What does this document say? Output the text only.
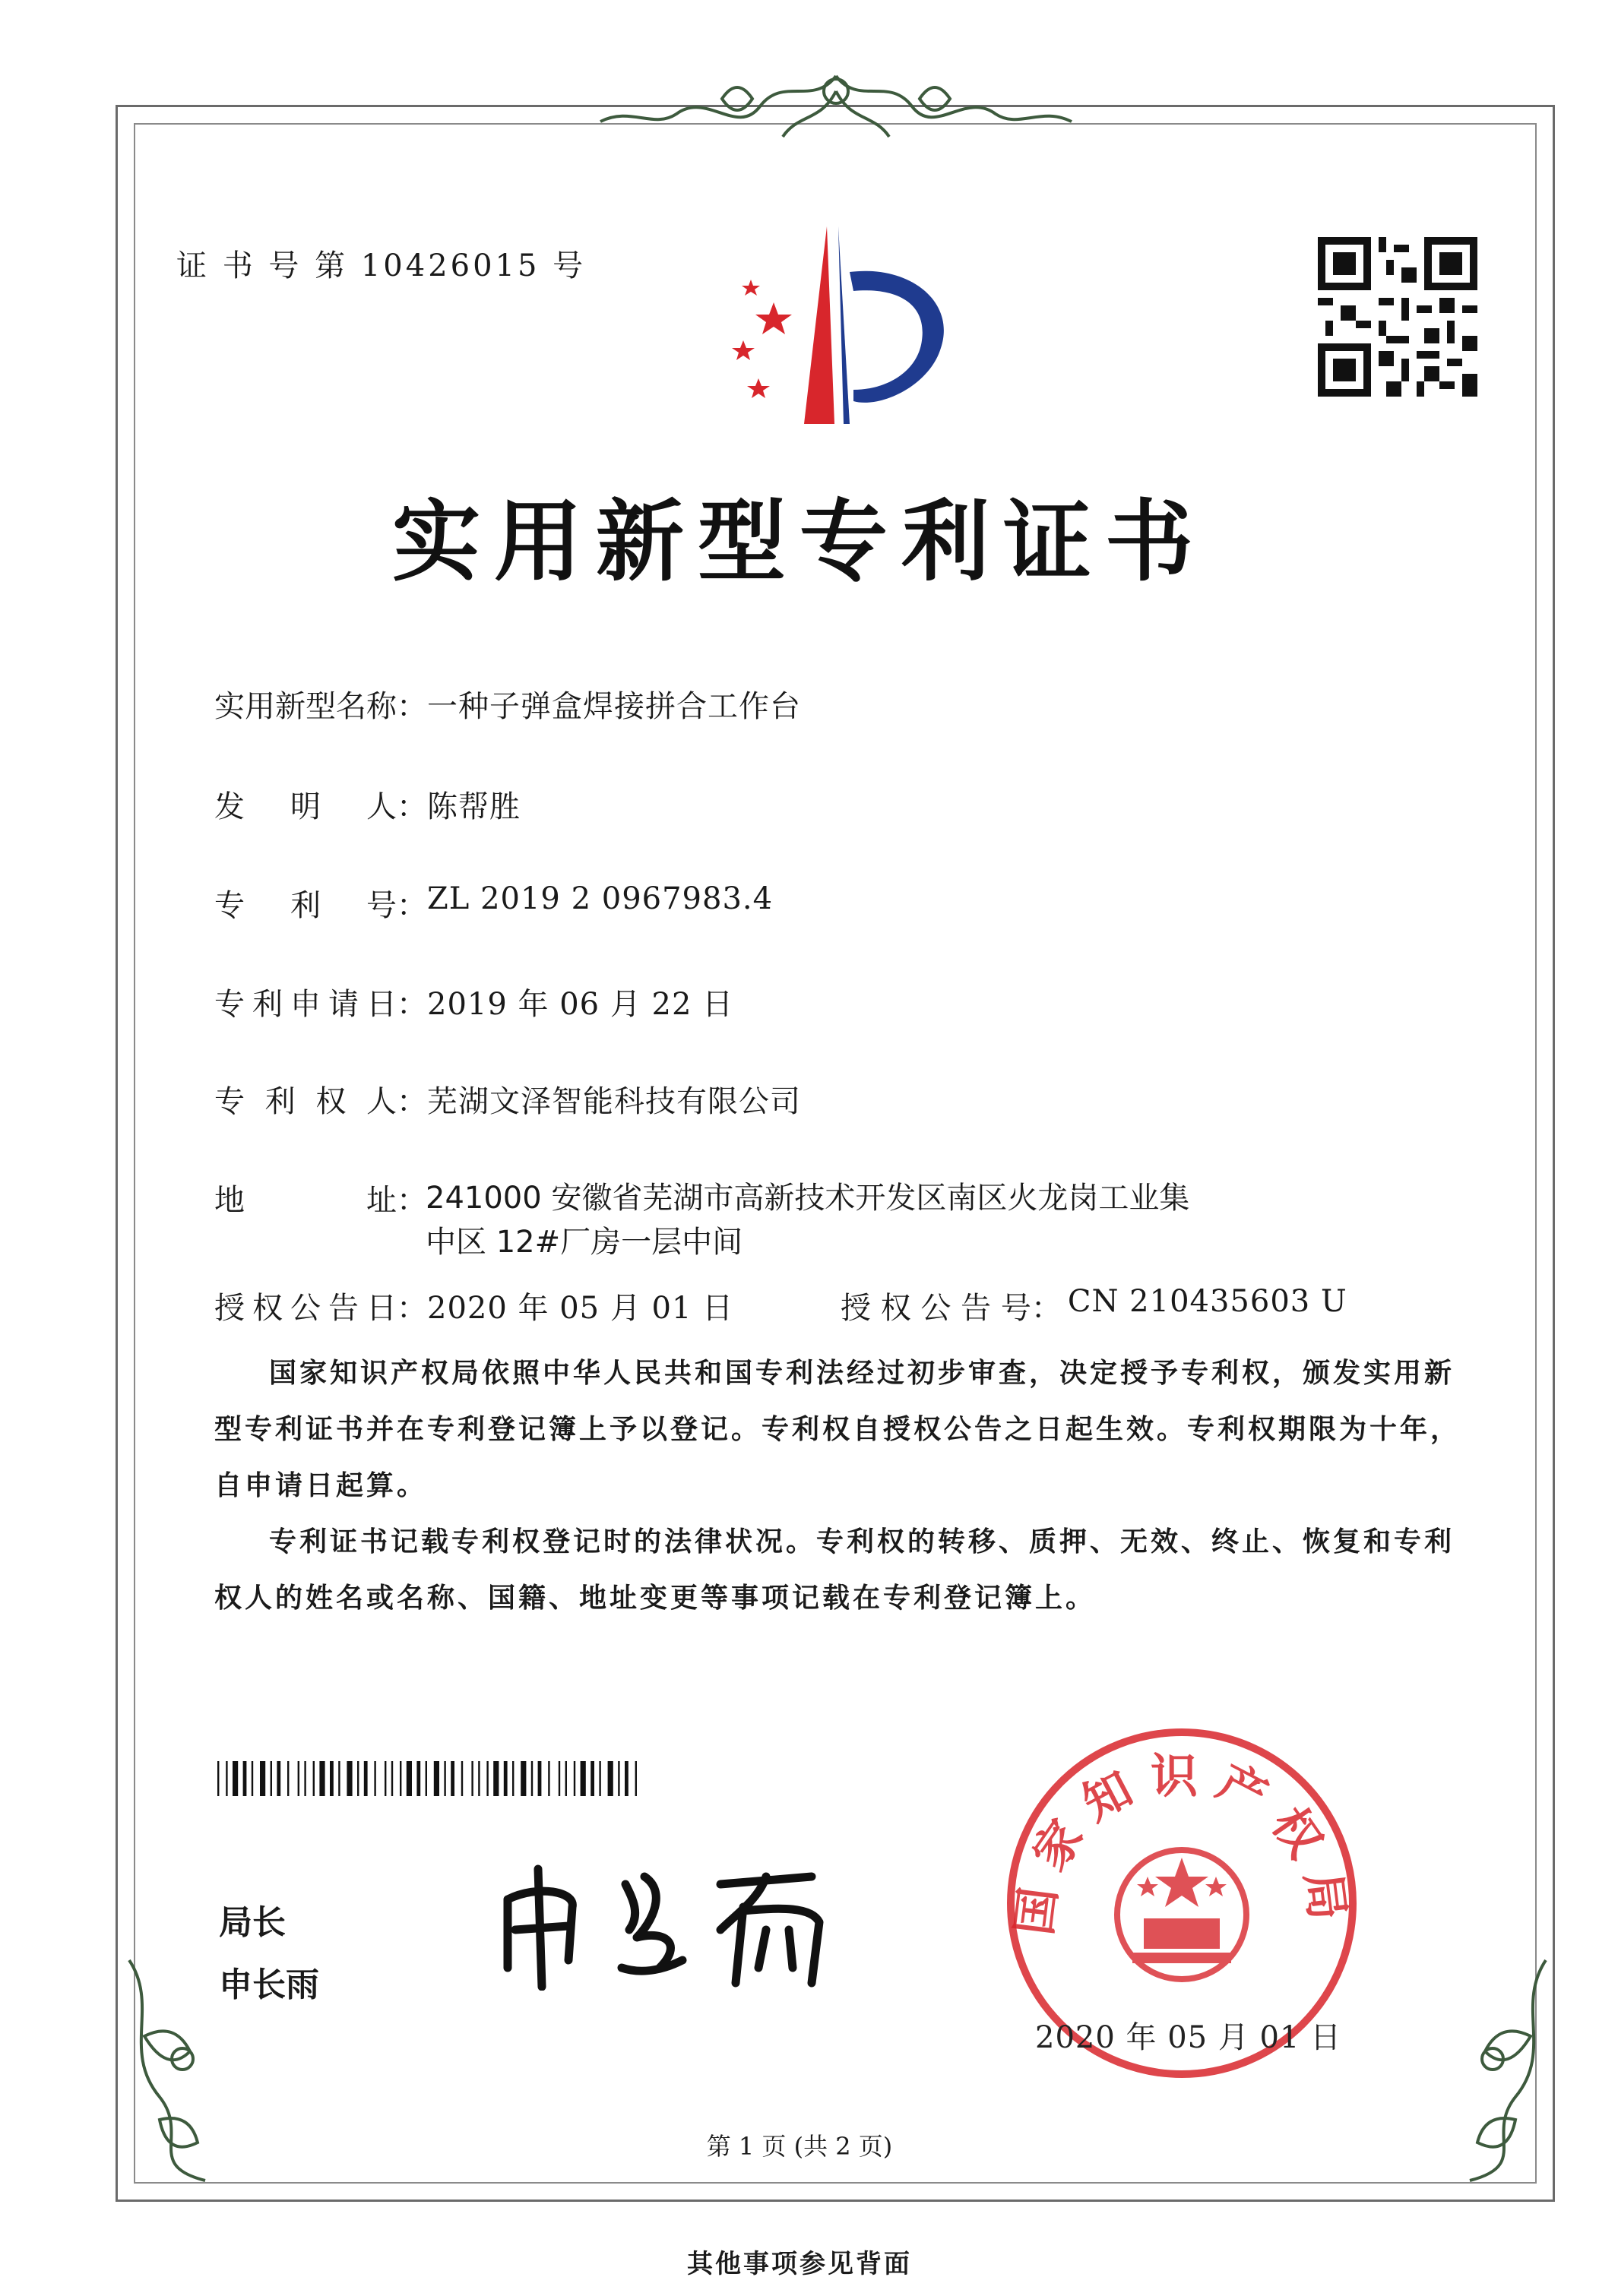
证 书 号 第 10426015 号
实用新型专利证书
实 用 新 型 名 称： 一种子弹盒焊接拼合工作台
发 明 人： 陈帮胜
专 利 号： ZL 2019 2 0967983.4
专 利 申 请 日： 2019 年 06 月 22 日
专 利 权 人： 芜湖文泽智能科技有限公司
地	址：
241000 安徽省芜湖市高新技术开发区南区火龙岗工业集
中区 12#厂房一层中间
授 权 公 告 日： 2020 年 05 月 01 日	授 权 公 告 号： CN 210435603 U

国家知识产权局依照中华人民共和国专利法经过初步审查，决定授予专利权，颁发实用新型专利证书并在专利登记簿上予以登记。专利权自授权公告之日起生效。专利权期限为十年，自申请日起算。

专利证书记载专利权登记时的法律状况。专利权的转移、质押、无效、终止、恢复和专利权人的姓名或名称、国籍、地址变更等事项记载在专利登记簿上。

局长
申长雨
国家知识产权局
2020 年 05 月 01 日
第 1 页 (共 2 页)
其他事项参见背面
